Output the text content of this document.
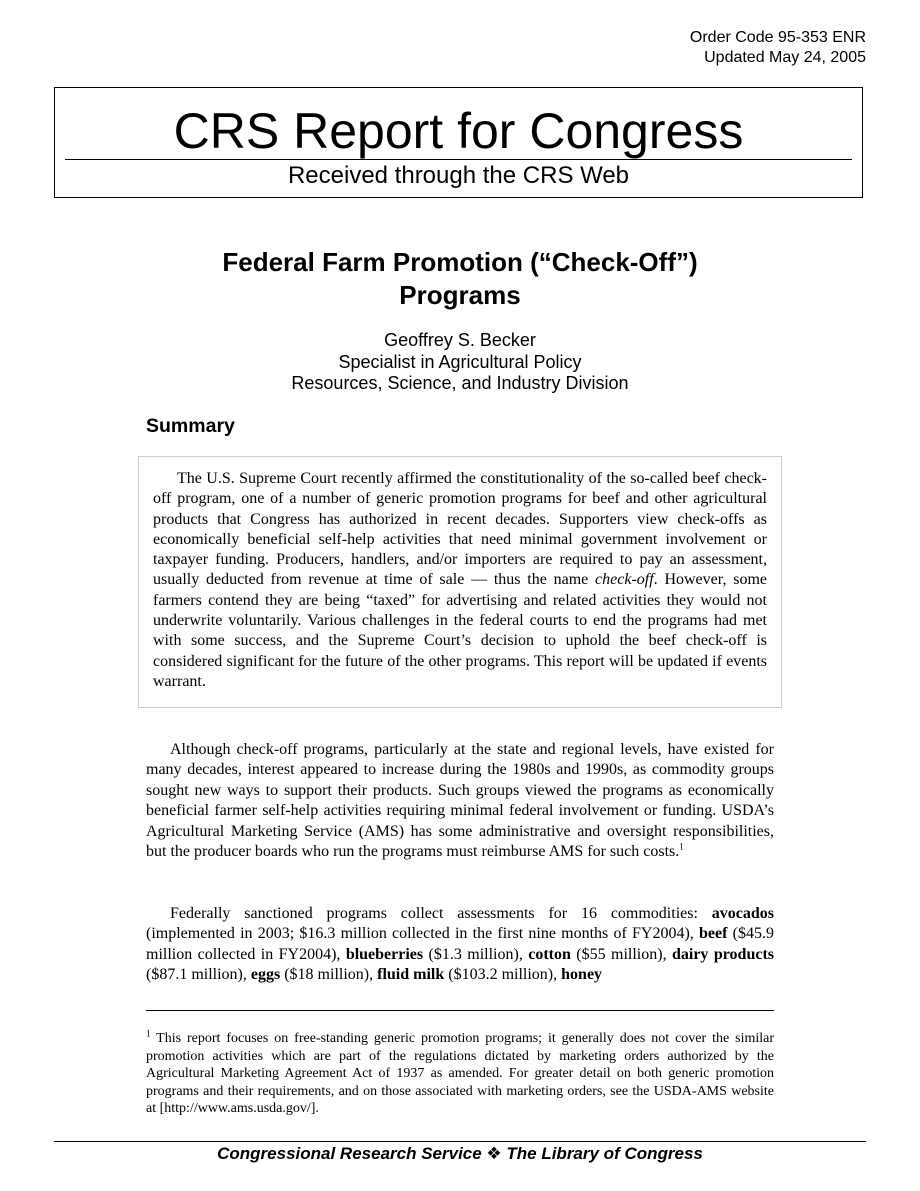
Order Code 95-353 ENR
Updated May 24, 2005
CRS Report for Congress
Received through the CRS Web
Federal Farm Promotion (“Check-Off”)
Programs
Geoffrey S. Becker
Specialist in Agricultural Policy
Resources, Science, and Industry Division
Summary
  The U.S. Supreme Court recently affirmed the constitutionality of the so-called beef check-off program, one of a number of generic promotion programs for beef and other agricultural products that Congress has authorized in recent decades. Supporters view check-offs as economically beneficial self-help activities that need minimal government involvement or taxpayer funding. Producers, handlers, and/or importers are required to pay an assessment, usually deducted from revenue at time of sale — thus the name check-off. However, some farmers contend they are being “taxed” for advertising and related activities they would not underwrite voluntarily. Various challenges in the federal courts to end the programs had met with some success, and the Supreme Court’s decision to uphold the beef check-off is considered significant for the future of the other programs. This report will be updated if events warrant.

  Although check-off programs, particularly at the state and regional levels, have existed for many decades, interest appeared to increase during the 1980s and 1990s, as commodity groups sought new ways to support their products. Such groups viewed the programs as economically beneficial farmer self-help activities requiring minimal federal involvement or funding. USDA’s Agricultural Marketing Service (AMS) has some administrative and oversight responsibilities, but the producer boards who run the programs must reimburse AMS for such costs.$^1$

  Federally sanctioned programs collect assessments for 16 commodities: avocados (implemented in 2003; $16.3 million collected in the first nine months of FY2004), beef ($45.9 million collected in FY2004), blueberries ($1.3 million), cotton ($55 million), dairy products ($87.1 million), eggs ($18 million), fluid milk ($103.2 million), honey

$^1$ This report focuses on free-standing generic promotion programs; it generally does not cover the similar promotion activities which are part of the regulations dictated by marketing orders authorized by the Agricultural Marketing Agreement Act of 1937 as amended. For greater detail on both generic promotion programs and their requirements, and on those associated with marketing orders, see the USDA-AMS website at [http://www.ams.usda.gov/].
Congressional Research Service ❖ The Library of Congress
